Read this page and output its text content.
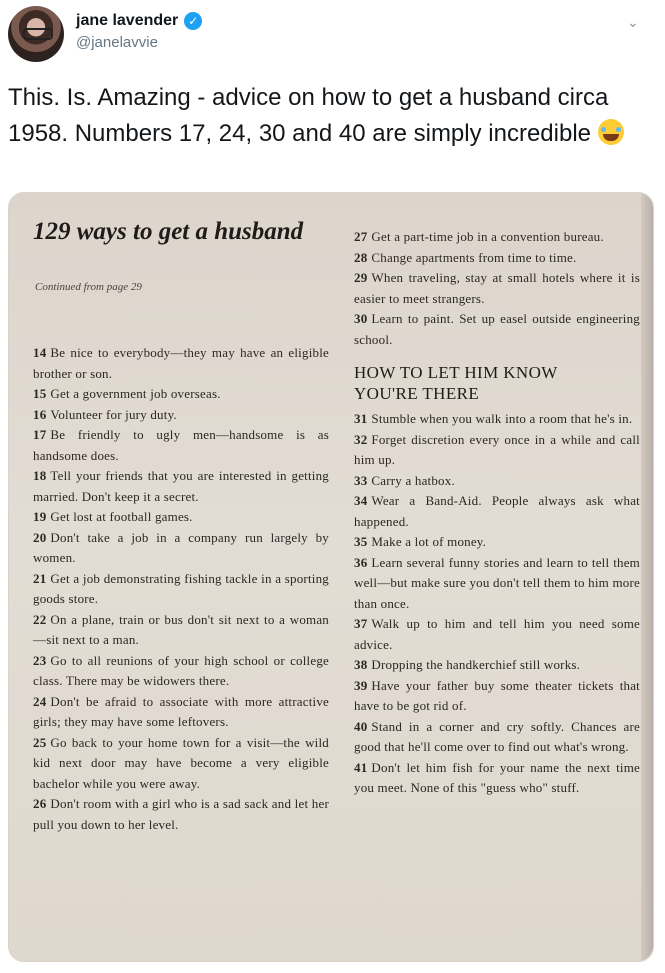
jane lavender ✓
@janelavvie
⌄
This. Is. Amazing - advice on how to get a husband circa 1958. Numbers 17, 24, 30 and 40 are simply incredible
129 ways to get a husband
Continued from page 29

14 Be nice to everybody—they may have an eligible brother or son.

15 Get a government job overseas.

16 Volunteer for jury duty.

17 Be friendly to ugly men—handsome is as handsome does.

18 Tell your friends that you are interested in getting married. Don't keep it a secret.

19 Get lost at football games.

20 Don't take a job in a company run largely by women.

21 Get a job demonstrating fishing tackle in a sporting goods store.

22 On a plane, train or bus don't sit next to a woman—sit next to a man.

23 Go to all reunions of your high school or college class. There may be widowers there.

24 Don't be afraid to associate with more attractive girls; they may have some leftovers.

25 Go back to your home town for a visit—the wild kid next door may have become a very eligible bachelor while you were away.

26 Don't room with a girl who is a sad sack and let her pull you down to her level.

27 Get a part-time job in a convention bureau.

28 Change apartments from time to time.

29 When traveling, stay at small hotels where it is easier to meet strangers.

30 Learn to paint. Set up easel outside engineering school.

HOW TO LET HIM KNOW YOU'RE THERE

31 Stumble when you walk into a room that he's in.

32 Forget discretion every once in a while and call him up.

33 Carry a hatbox.

34 Wear a Band-Aid. People always ask what happened.

35 Make a lot of money.

36 Learn several funny stories and learn to tell them well—but make sure you don't tell them to him more than once.

37 Walk up to him and tell him you need some advice.

38 Dropping the handkerchief still works.

39 Have your father buy some theater tickets that have to be got rid of.

40 Stand in a corner and cry softly. Chances are good that he'll come over to find out what's wrong.

41 Don't let him fish for your name the next time you meet. None of this "guess who" stuff.
